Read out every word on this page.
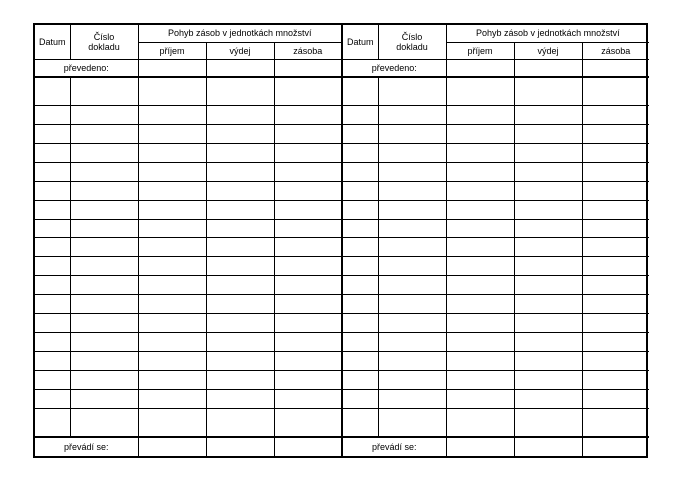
Datum	Číslo
dokladu	Pohyb zásob v jednotkách množství		
		příjem	výdej	zásoba
převedeno:				

převádí se:				
Datum	Číslo
dokladu	Pohyb zásob v jednotkách množství		
		příjem	výdej	zásoba
převedeno:				

převádí se:				
